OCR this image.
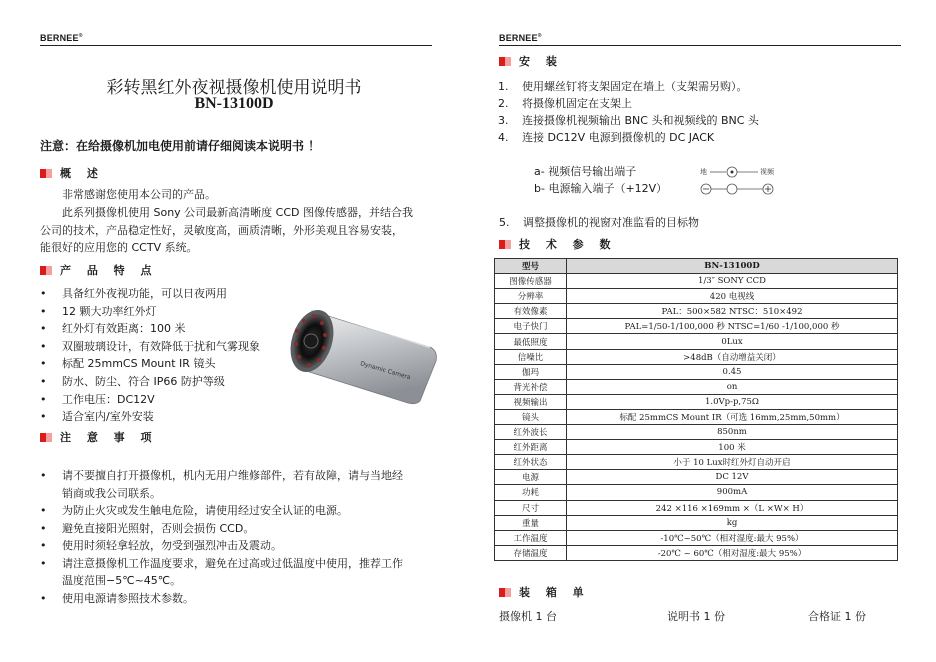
BERNEE®
彩转黑红外夜视摄像机使用说明书
BN-13100D
注意：在给摄像机加电使用前请仔细阅读本说明书 ！
概 述
非常感谢您使用本公司的产品。
此系列摄像机使用 Sony 公司最新高清晰度 CCD 图像传感器，并结合我
公司的技术，产品稳定性好，灵敏度高，画质清晰，外形美观且容易安装，
能很好的应用您的 CCTV 系统。
产 品 特 点
• 具备红外夜视功能，可以日夜两用
• 12 颗大功率红外灯
• 红外灯有效距离：100 米
• 双圈玻璃设计，有效降低于扰和气雾现象
• 标配 25mmCS Mount IR 镜头
• 防水、防尘、符合 IP66 防护等级
• 工作电压：DC12V
• 适合室内/室外安装
Dynamic Camera
注 意 事 项
• 请不要擅自打开摄像机，机内无用户维修部件，若有故障，请与当地经
销商或我公司联系。
• 为防止火灾或发生触电危险，请使用经过安全认证的电源。
• 避免直接阳光照射，否则会损伤 CCD。
• 使用时须轻拿轻放，勿受到强烈冲击及震动。
• 请注意摄像机工作温度要求，避免在过高或过低温度中使用，推荐工作
温度范围−5℃~45℃。
• 使用电源请参照技术参数。
BERNEE®
安 装
1. 使用螺丝钉将支架固定在墙上（支架需另购）。
2. 将摄像机固定在支架上
3. 连接摄像机视频输出 BNC 头和视频线的 BNC 头
4. 连接 DC12V 电源到摄像机的 DC JACK
a- 视频信号输出端子
b- 电源输入端子（+12V）
地	视频
5. 调整摄像机的视窗对准监看的目标物
技 术 参 数
型号	BN-13100D
图像传感器	1/3″ SONY CCD
分辨率	420 电视线
有效像素	PAL：500×582 NTSC：510×492
电子快门	PAL=1/50-1/100,000 秒 NTSC=1/60 -1/100,000 秒
最低照度	0Lux
信噪比	>48dB（自动增益关闭）
伽玛	0.45
背光补偿	on
视频输出	1.0Vp-p,75Ω
镜头	标配 25mmCS Mount IR（可选 16mm,25mm,50mm）
红外波长	850nm
红外距离	100 米
红外状态	小于 10 Lux时红外灯自动开启
电源	DC 12V
功耗	900mA
尺寸	242 ×116 ×169mm ×（L ×W× H）
重量	kg
工作温度	-10℃~50℃（相对湿度:最大 95%）
存储温度	-20℃ ~ 60℃（相对湿度:最大 95%）
装 箱 单
摄像机 1 台	说明书 1 份	合格证 1 份
